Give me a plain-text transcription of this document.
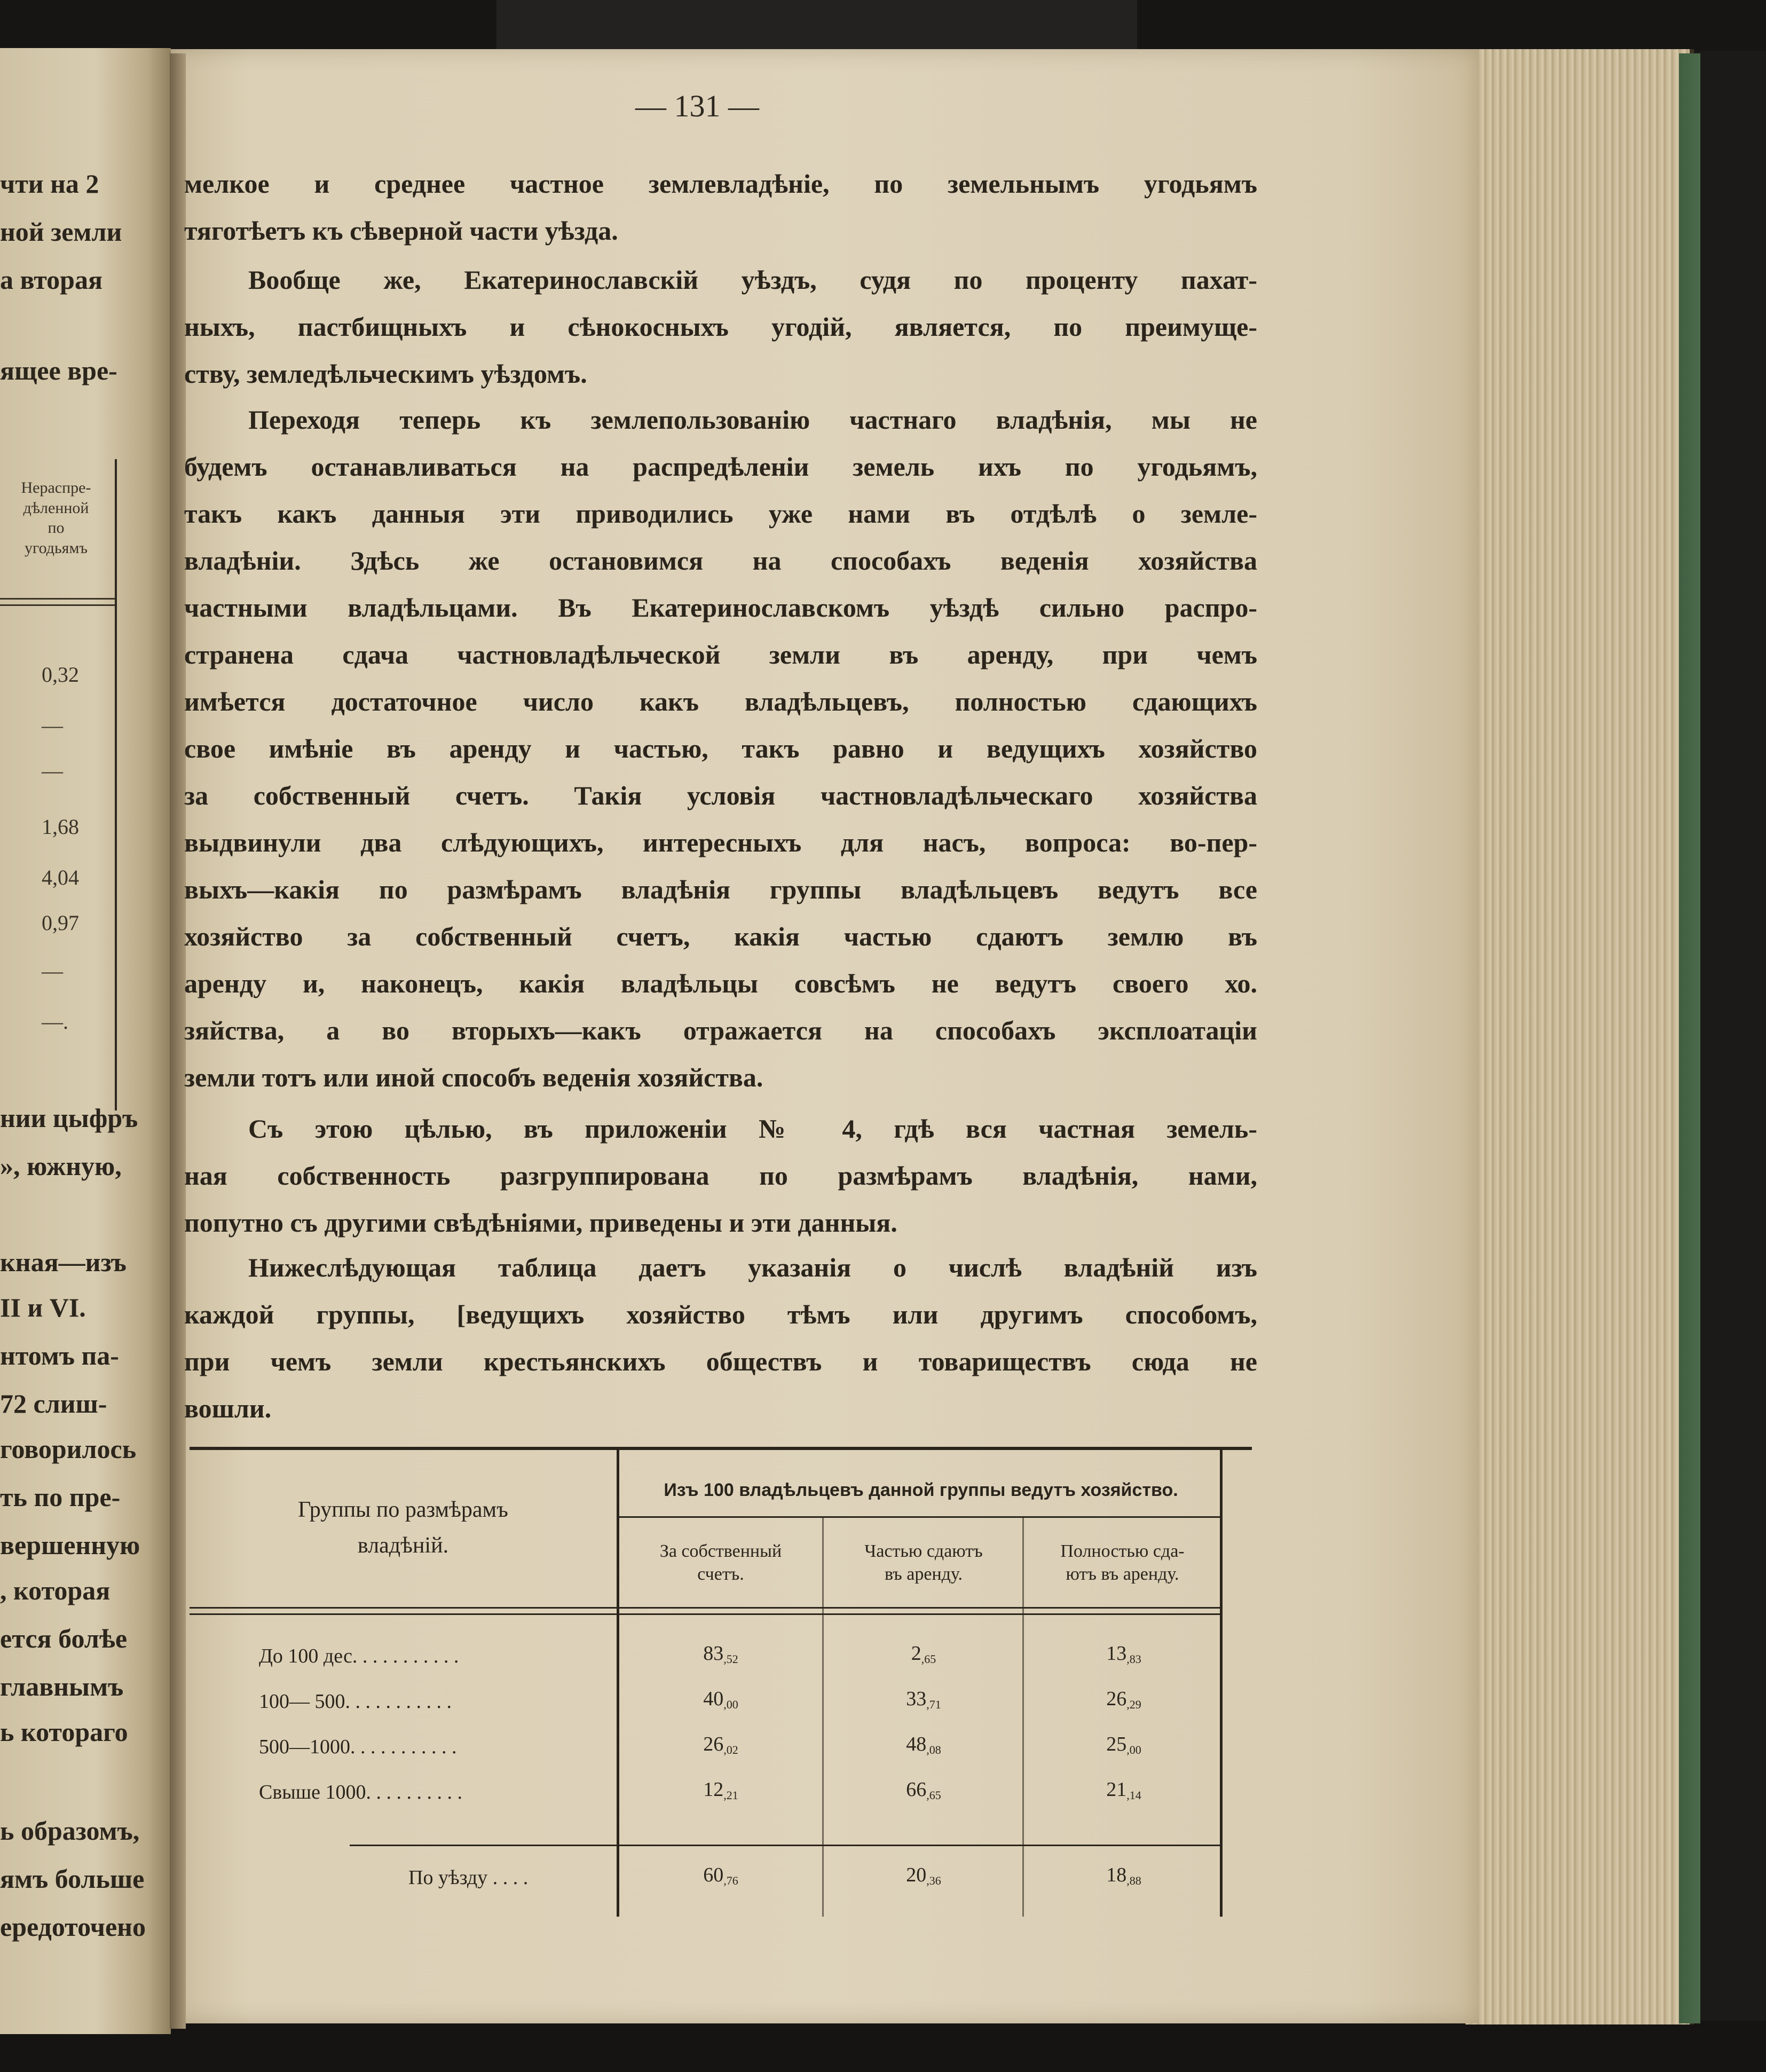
чти на 2
ной земли
а вторая
ящее вре-
Нераспре-
дѣленной
по
угодьямъ
0,32
—
—
1,68
4,04
0,97
—
—.
нии цыфръ
», южную,
кная—изъ
II и VI.
нтомъ па-
72 слиш-
говорилось
ть по пре-
вершенную
, которая
ется болѣе
главнымъ
ь котораго
ь образомъ,
ямъ больше
ередоточено
— 131 —
мелкое и среднее частное землевладѣніе, по земельнымъ угодьямъ
тяготѣетъ къ сѣверной части уѣзда.
Вообще же, Екатеринославскій уѣздъ, судя по проценту пахат-
ныхъ, пастбищныхъ и сѣнокосныхъ угодій, является, по преимуще-
ству, земледѣльческимъ уѣздомъ.
Переходя теперь къ землепользованію частнаго владѣнія, мы не
будемъ останавливаться на распредѣленіи земель ихъ по угодьямъ,
такъ какъ данныя эти приводились уже нами въ отдѣлѣ о земле-
владѣніи. Здѣсь же остановимся на способахъ веденія хозяйства
частными владѣльцами. Въ Екатеринославскомъ уѣздѣ сильно распро-
странена сдача частновладѣльческой земли въ аренду, при чемъ
имѣется достаточное число какъ владѣльцевъ, полностью сдающихъ
свое имѣніе въ аренду и частью, такъ равно и ведущихъ хозяйство
за собственный счетъ. Такія условія частновладѣльческаго хозяйства
выдвинули два слѣдующихъ, интересныхъ для насъ, вопроса: во-пер-
выхъ—какія по размѣрамъ владѣнія группы владѣльцевъ ведутъ все
хозяйство за собственный счетъ, какія частью сдаютъ землю въ
аренду и, наконецъ, какія владѣльцы совсѣмъ не ведутъ своего хо.
зяйства, а во вторыхъ—какъ отражается на способахъ эксплоатаціи
земли тотъ или иной способъ веденія хозяйства.
Съ этою цѣлью, въ приложеніи № 4, гдѣ вся частная земель-
ная собственность разгруппирована по размѣрамъ владѣнія, нами,
попутно съ другими свѣдѣніями, приведены и эти данныя.
Нижеслѣдующая таблица даетъ указанія о числѣ владѣній изъ
каждой группы, [ведущихъ хозяйство тѣмъ или другимъ способомъ,
при чемъ земли крестьянскихъ обществъ и товариществъ сюда не
вошли.
Группы по размѣрамъ
владѣній.
Изъ 100 владѣльцевъ данной группы ведутъ хозяйство.
За собственный
счетъ.
Частью сдаютъ
въ аренду.
Полностью сда-
ютъ въ аренду.
До 100 дес. . . . . . . . . . .	$83_{,52}$	$2_{,65}$	$13_{,83}$
100— 500. . . . . . . . . . .	$40_{,00}$	$33_{,71}$	$26_{,29}$
500—1000. . . . . . . . . . .	$26_{,02}$	$48_{,08}$	$25_{,00}$
Свыше 1000. . . . . . . . . .	$12_{,21}$	$66_{,65}$	$21_{,14}$
По уѣзду . . . .	$60_{,76}$	$20_{,36}$	$18_{,88}$
